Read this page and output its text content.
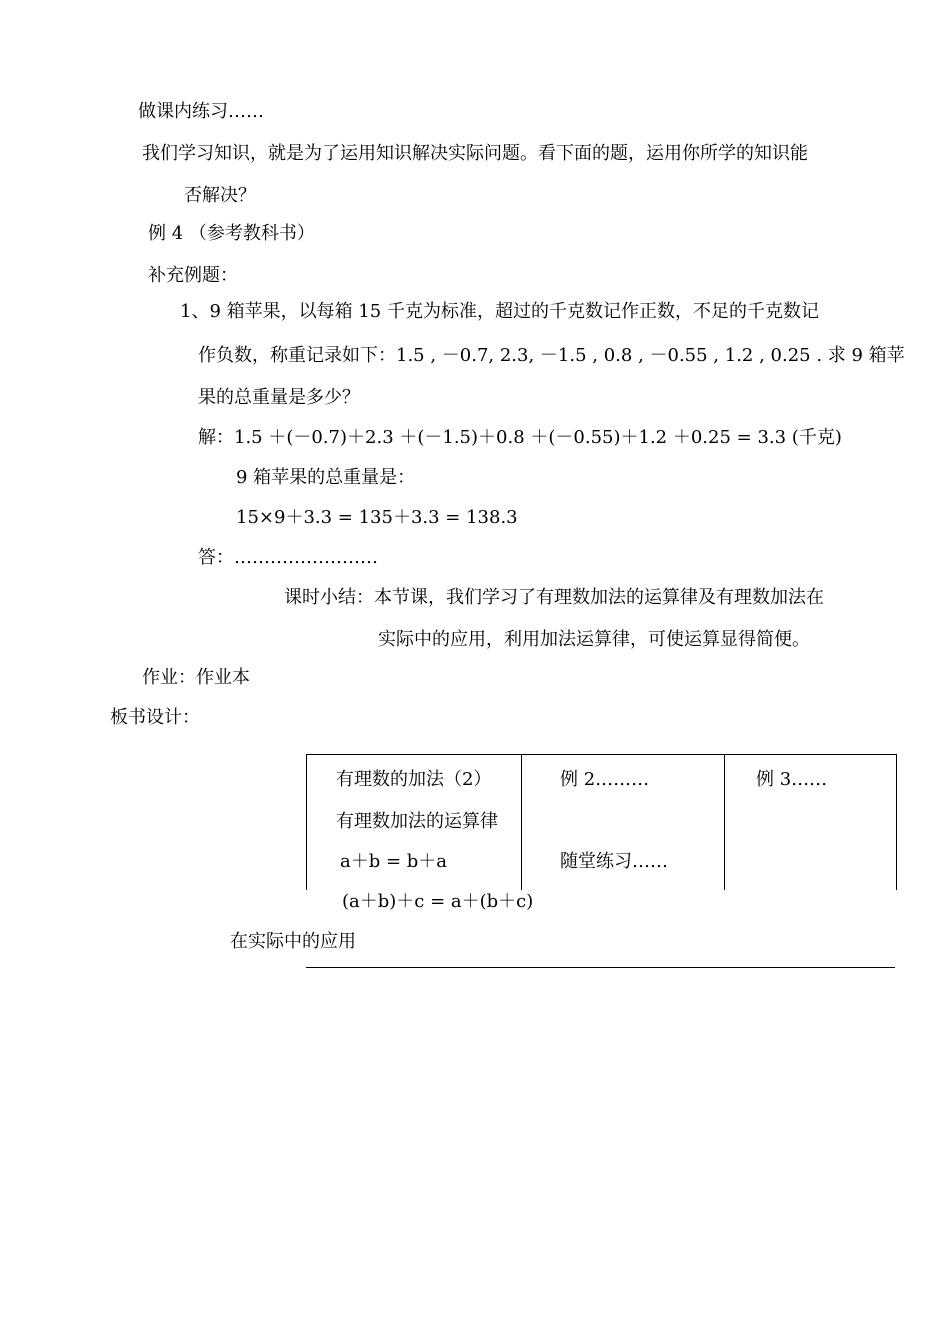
做课内练习……
我们学习知识，就是为了运用知识解决实际问题。看下面的题，运用你所学的知识能
否解决？
例 4 （参考教科书）
补充例题：
1、9 箱苹果，以每箱 15 千克为标准，超过的千克数记作正数，不足的千克数记
作负数，称重记录如下：1.5 , －0.7, 2.3, －1.5 , 0.8 , －0.55 , 1.2 , 0.25 . 求 9 箱苹
果的总重量是多少？
解：1.5 ＋(－0.7)＋2.3 ＋(－1.5)＋0.8 ＋(－0.55)＋1.2 ＋0.25 = 3.3 (千克)
9 箱苹果的总重量是：
15×9＋3.3 = 135＋3.3 = 138.3
答：……………………
课时小结：本节课，我们学习了有理数加法的运算律及有理数加法在
实际中的应用，利用加法运算律，可使运算显得简便。
作业：作业本
板书设计：
有理数的加法（2）
有理数加法的运算律
a＋b = b＋a
(a＋b)＋c = a＋(b＋c)
在实际中的应用
例 2………
随堂练习……
例 3……
